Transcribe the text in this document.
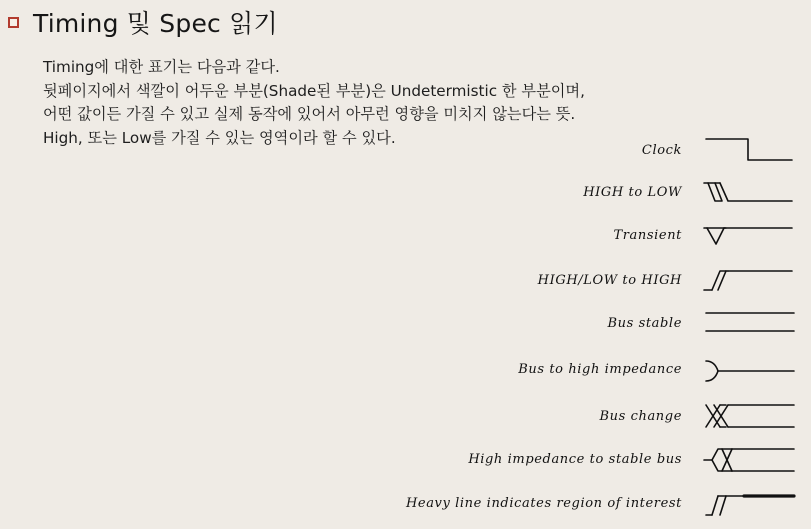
Timing 및 Spec 읽기
Timing에 대한 표기는 다음과 같다.
뒷페이지에서 색깔이 어두운 부분(Shade된 부분)은 Undetermistic 한 부분이며,
어떤 값이든 가질 수 있고 실제 동작에 있어서 아무런 영향을 미치지 않는다는 뜻.
High, 또는 Low를 가질 수 있는 영역이라 할 수 있다.
Clock
HIGH to LOW
Transient
HIGH/LOW to HIGH
Bus stable
Bus to high impedance
Bus change
High impedance to stable bus
Heavy line indicates region of interest
